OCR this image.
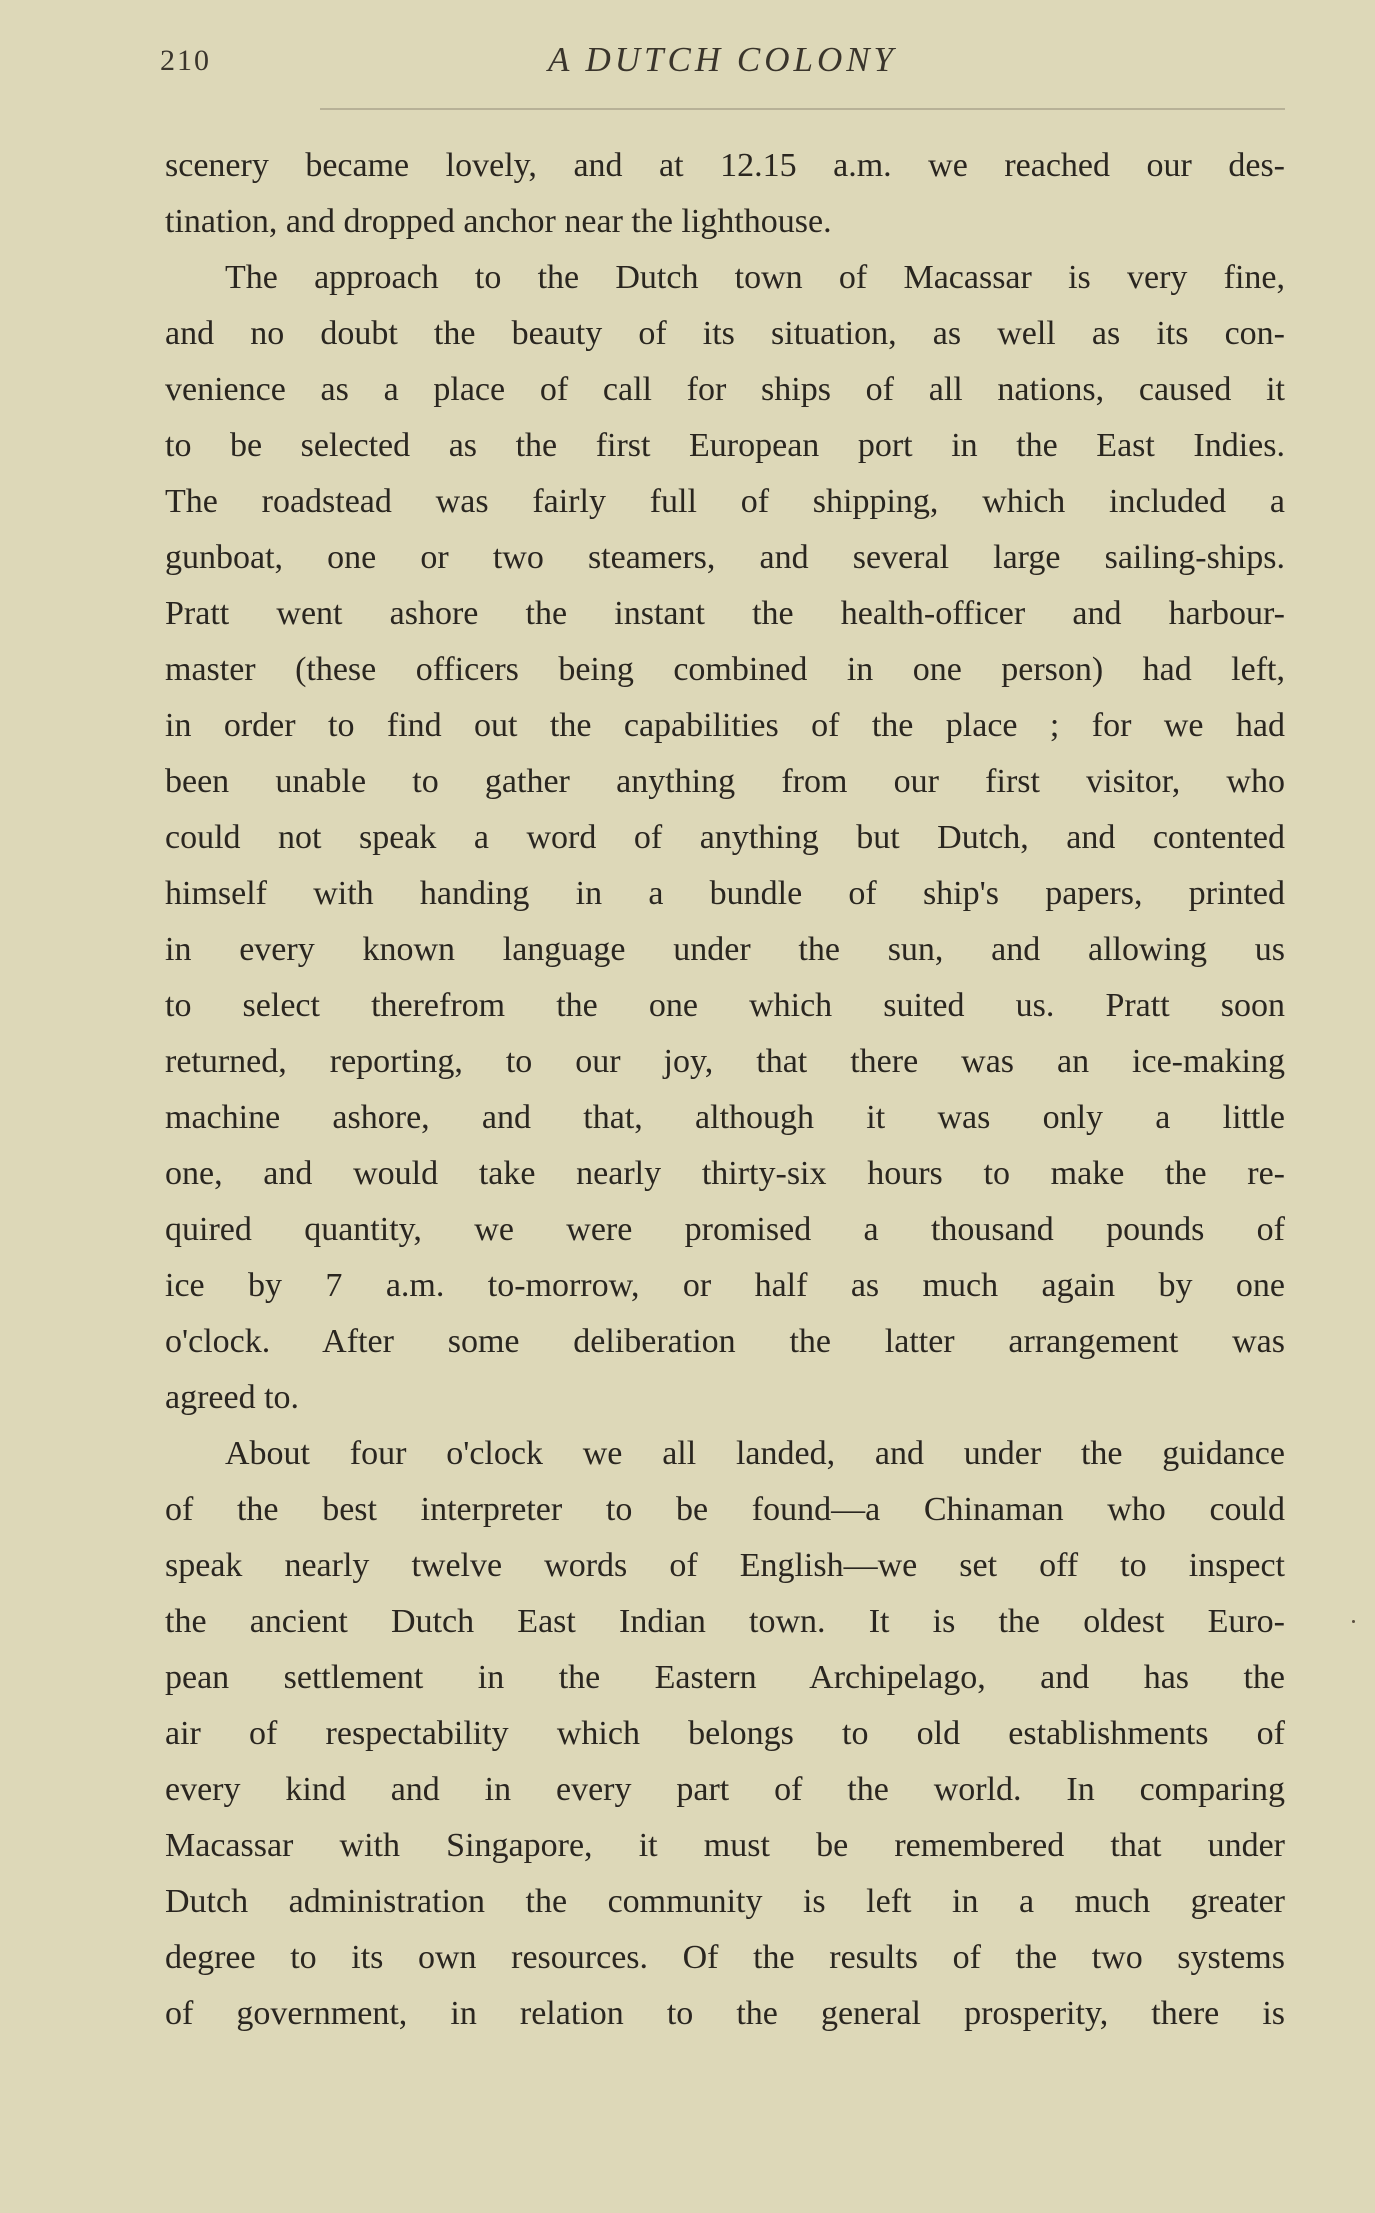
210	A DUTCH COLONY
scenery became lovely, and at 12.15 a.m. we reached our des-
tination, and dropped anchor near the lighthouse.
The approach to the Dutch town of Macassar is very fine,
and no doubt the beauty of its situation, as well as its con-
venience as a place of call for ships of all nations, caused it
to be selected as the first European port in the East Indies.
The roadstead was fairly full of shipping, which included a
gunboat, one or two steamers, and several large sailing-ships.
Pratt went ashore the instant the health-officer and harbour-
master (these officers being combined in one person) had left,
in order to find out the capabilities of the place ; for we had
been unable to gather anything from our first visitor, who
could not speak a word of anything but Dutch, and contented
himself with handing in a bundle of ship's papers, printed
in every known language under the sun, and allowing us
to select therefrom the one which suited us. Pratt soon
returned, reporting, to our joy, that there was an ice-making
machine ashore, and that, although it was only a little
one, and would take nearly thirty-six hours to make the re-
quired quantity, we were promised a thousand pounds of
ice by 7 a.m. to-morrow, or half as much again by one
o'clock. After some deliberation the latter arrangement was
agreed to.
About four o'clock we all landed, and under the guidance
of the best interpreter to be found—a Chinaman who could
speak nearly twelve words of English—we set off to inspect
the ancient Dutch East Indian town. It is the oldest Euro-
pean settlement in the Eastern Archipelago, and has the
air of respectability which belongs to old establishments of
every kind and in every part of the world. In comparing
Macassar with Singapore, it must be remembered that under
Dutch administration the community is left in a much greater
degree to its own resources. Of the results of the two systems
of government, in relation to the general prosperity, there is
